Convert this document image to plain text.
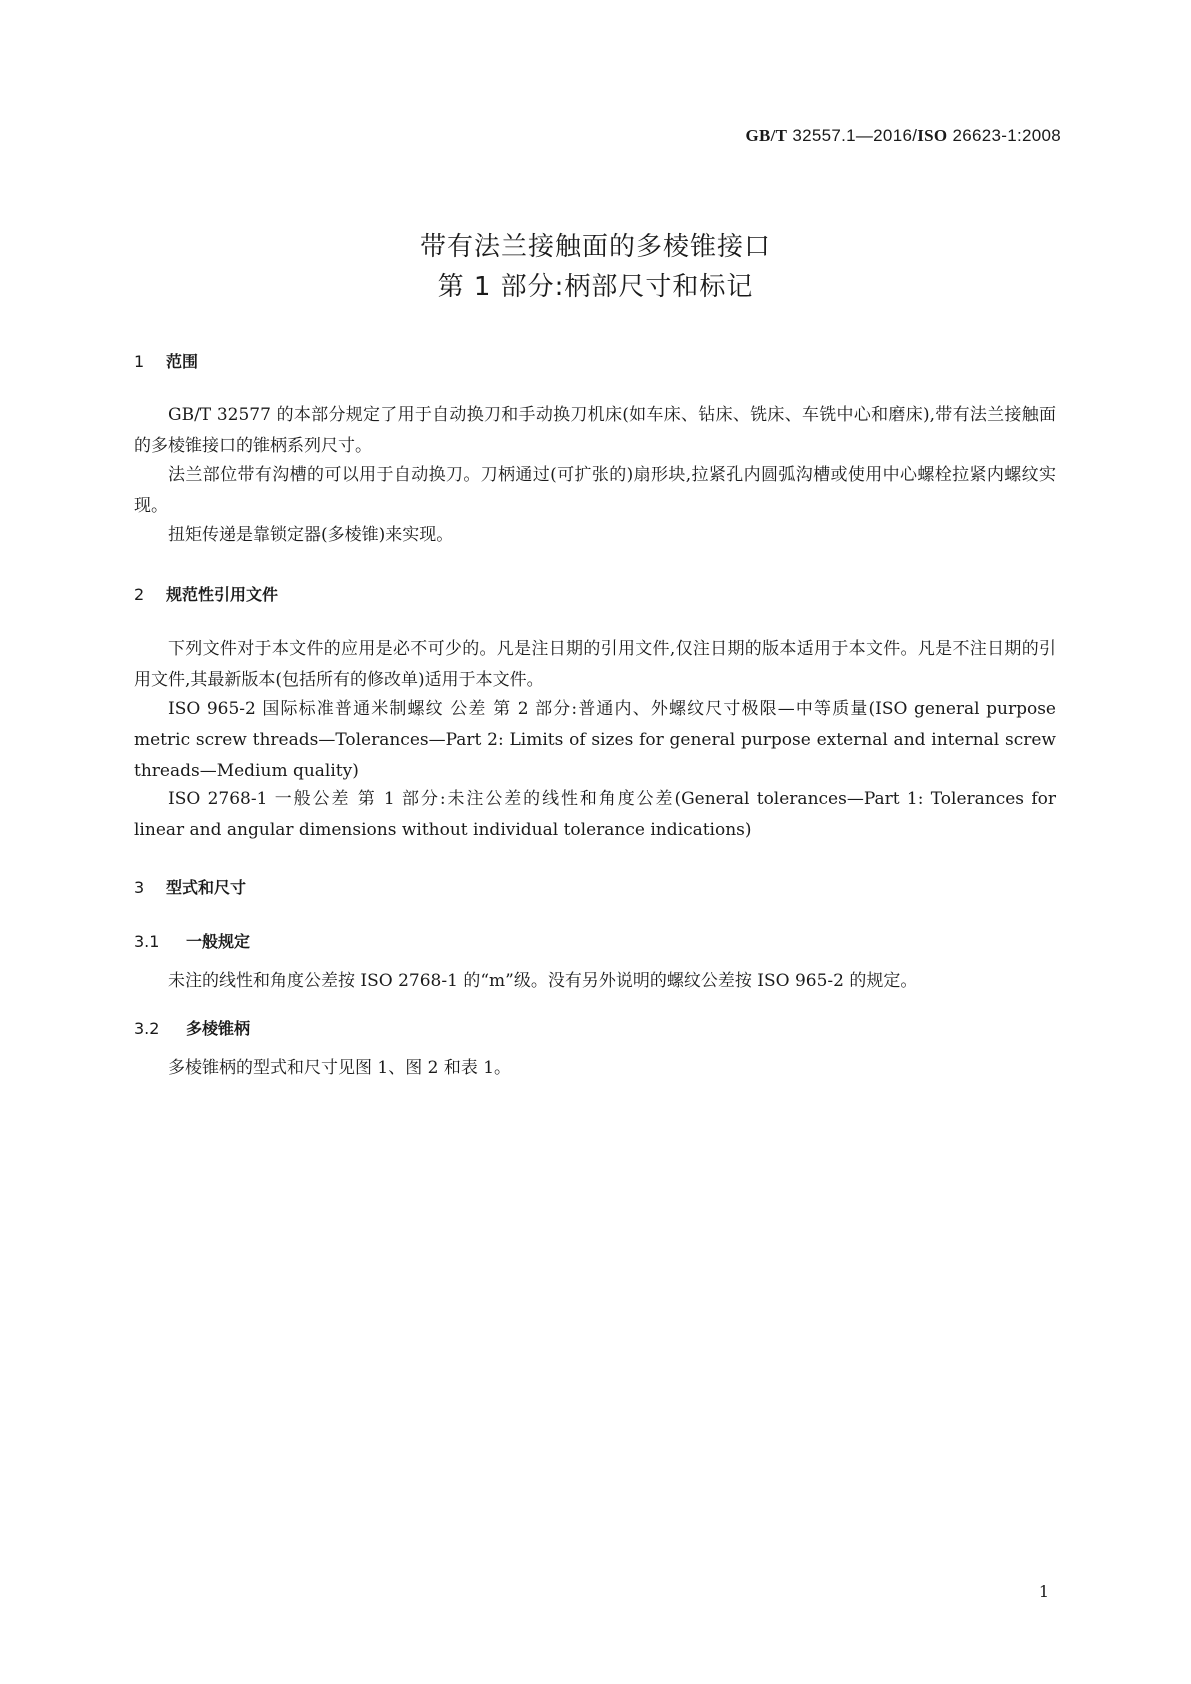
GB/T 32557.1—2016/ISO 26623-1:2008
带有法兰接触面的多棱锥接口
第 1 部分:柄部尺寸和标记
1 范围

GB/T 32577 的本部分规定了用于自动换刀和手动换刀机床(如车床、钻床、铣床、车铣中心和磨床),带有法兰接触面的多棱锥接口的锥柄系列尺寸。

法兰部位带有沟槽的可以用于自动换刀。刀柄通过(可扩张的)扇形块,拉紧孔内圆弧沟槽或使用中心螺栓拉紧内螺纹实现。

扭矩传递是靠锁定器(多棱锥)来实现。

2 规范性引用文件

下列文件对于本文件的应用是必不可少的。凡是注日期的引用文件,仅注日期的版本适用于本文件。凡是不注日期的引用文件,其最新版本(包括所有的修改单)适用于本文件。

ISO 965-2 国际标准普通米制螺纹 公差 第 2 部分:普通内、外螺纹尺寸极限—中等质量(ISO general purpose metric screw threads—Tolerances—Part 2: Limits of sizes for general purpose external and internal screw threads—Medium quality)

ISO 2768-1 一般公差 第 1 部分:未注公差的线性和角度公差(General tolerances—Part 1: Tolerances for linear and angular dimensions without individual tolerance indications)

3 型式和尺寸
3.1 一般规定

未注的线性和角度公差按 ISO 2768-1 的“m”级。没有另外说明的螺纹公差按 ISO 965-2 的规定。

3.2 多棱锥柄

多棱锥柄的型式和尺寸见图 1、图 2 和表 1。

1
